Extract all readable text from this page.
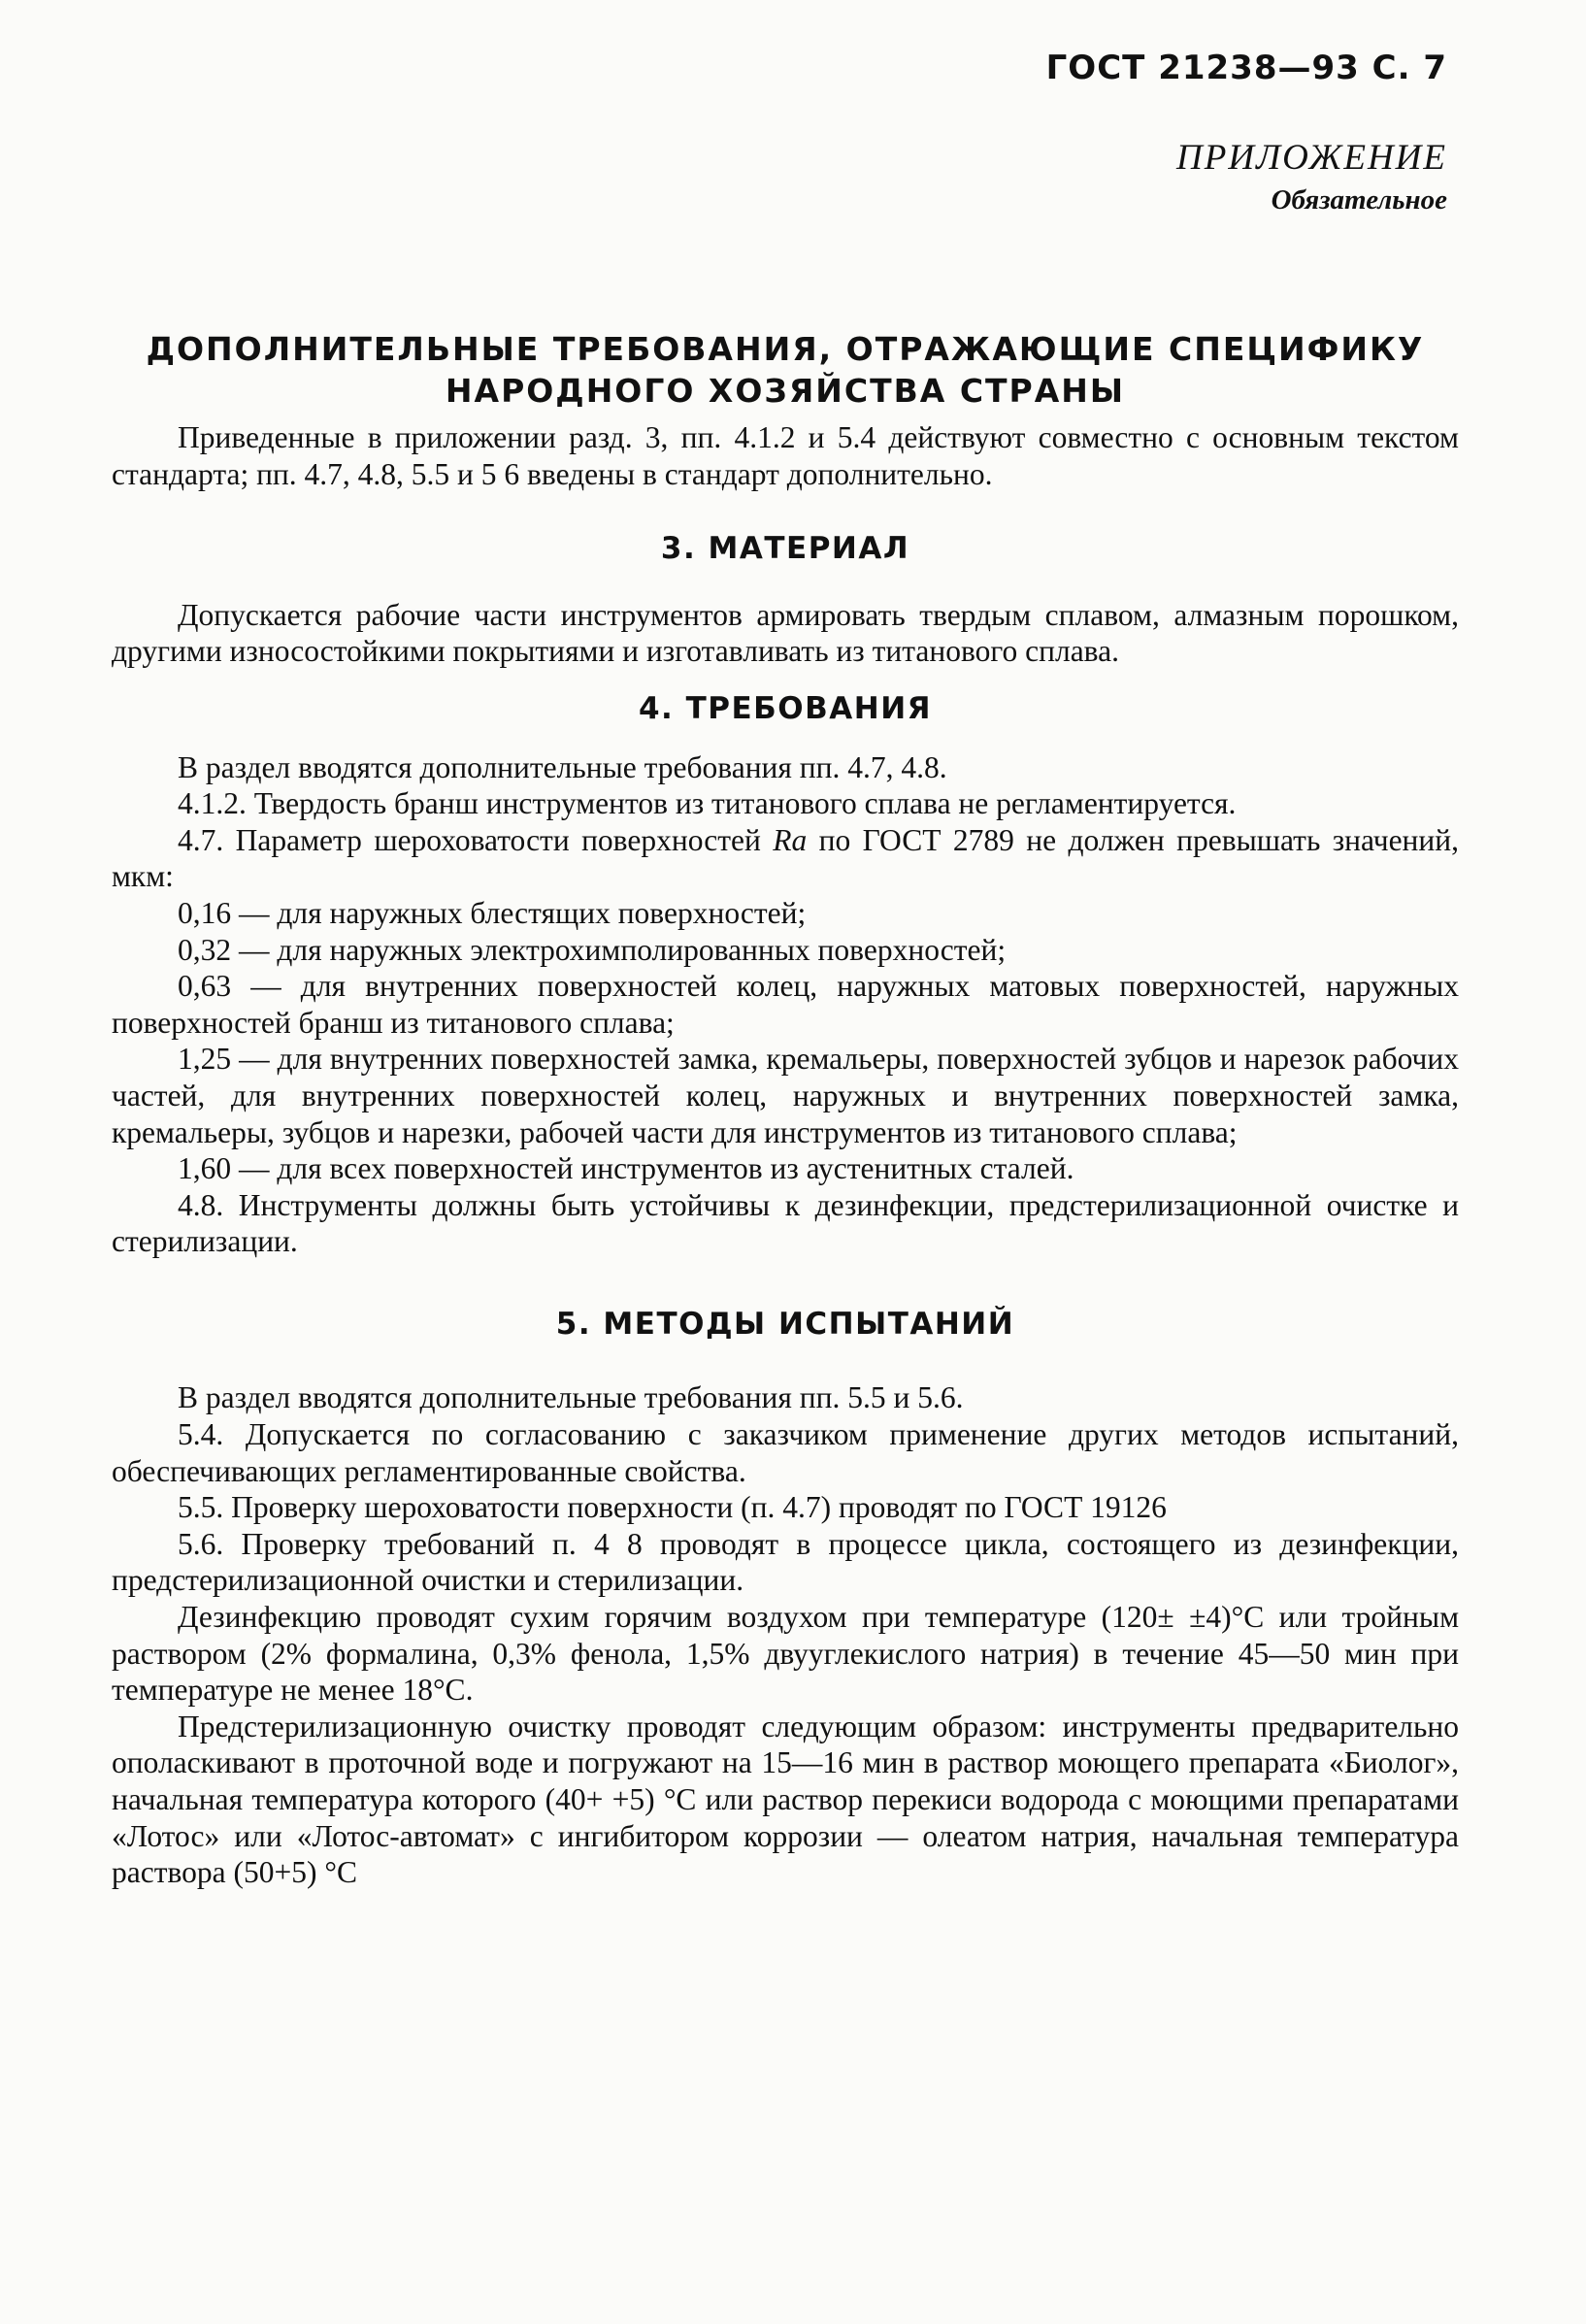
ГОСТ 21238—93 С. 7
ПРИЛОЖЕНИЕ
Обязательное
ДОПОЛНИТЕЛЬНЫЕ ТРЕБОВАНИЯ, ОТРАЖАЮЩИЕ СПЕЦИФИКУ
НАРОДНОГО ХОЗЯЙСТВА СТРАНЫ

Приведенные в приложении разд. 3, пп. 4.1.2 и 5.4 действуют совместно с основным текстом стандарта; пп. 4.7, 4.8, 5.5 и 5 6 введены в стандарт дополнительно.

3. МАТЕРИАЛ

Допускается рабочие части инструментов армировать твердым сплавом, алмазным порошком, другими износостойкими покрытиями и изготавливать из титанового сплава.

4. ТРЕБОВАНИЯ

В раздел вводятся дополнительные требования пп. 4.7, 4.8.

4.1.2. Твердость бранш инструментов из титанового сплава не регламентируется.

4.7. Параметр шероховатости поверхностей Ra по ГОСТ 2789 не должен превышать значений, мкм:

0,16 — для наружных блестящих поверхностей;

0,32 — для наружных электрохимполированных поверхностей;

0,63 — для внутренних поверхностей колец, наружных матовых поверхностей, наружных поверхностей бранш из титанового сплава;

1,25 — для внутренних поверхностей замка, кремальеры, поверхностей зубцов и нарезок рабочих частей, для внутренних поверхностей колец, наружных и внутренних поверхностей замка, кремальеры, зубцов и нарезки, рабочей части для инструментов из титанового сплава;

1,60 — для всех поверхностей инструментов из аустенитных сталей.

4.8. Инструменты должны быть устойчивы к дезинфекции, предстерилизационной очистке и стерилизации.

5. МЕТОДЫ ИСПЫТАНИЙ

В раздел вводятся дополнительные требования пп. 5.5 и 5.6.

5.4. Допускается по согласованию с заказчиком применение других методов испытаний, обеспечивающих регламентированные свойства.

5.5. Проверку шероховатости поверхности (п. 4.7) проводят по ГОСТ 19126

5.6. Проверку требований п. 4 8 проводят в процессе цикла, состоящего из дезинфекции, предстерилизационной очистки и стерилизации.

Дезинфекцию проводят сухим горячим воздухом при температуре (120± ±4)°С или тройным раствором (2% формалина, 0,3% фенола, 1,5% двууглекислого натрия) в течение 45—50 мин при температуре не менее 18°С.

Предстерилизационную очистку проводят следующим образом: инструменты предварительно ополаскивают в проточной воде и погружают на 15—16 мин в раствор моющего препарата «Биолог», начальная температура которого (40+ +5) °С или раствор перекиси водорода с моющими препаратами «Лотос» или «Лотос-автомат» с ингибитором коррозии — олеатом натрия, начальная температура раствора (50+5) °С
